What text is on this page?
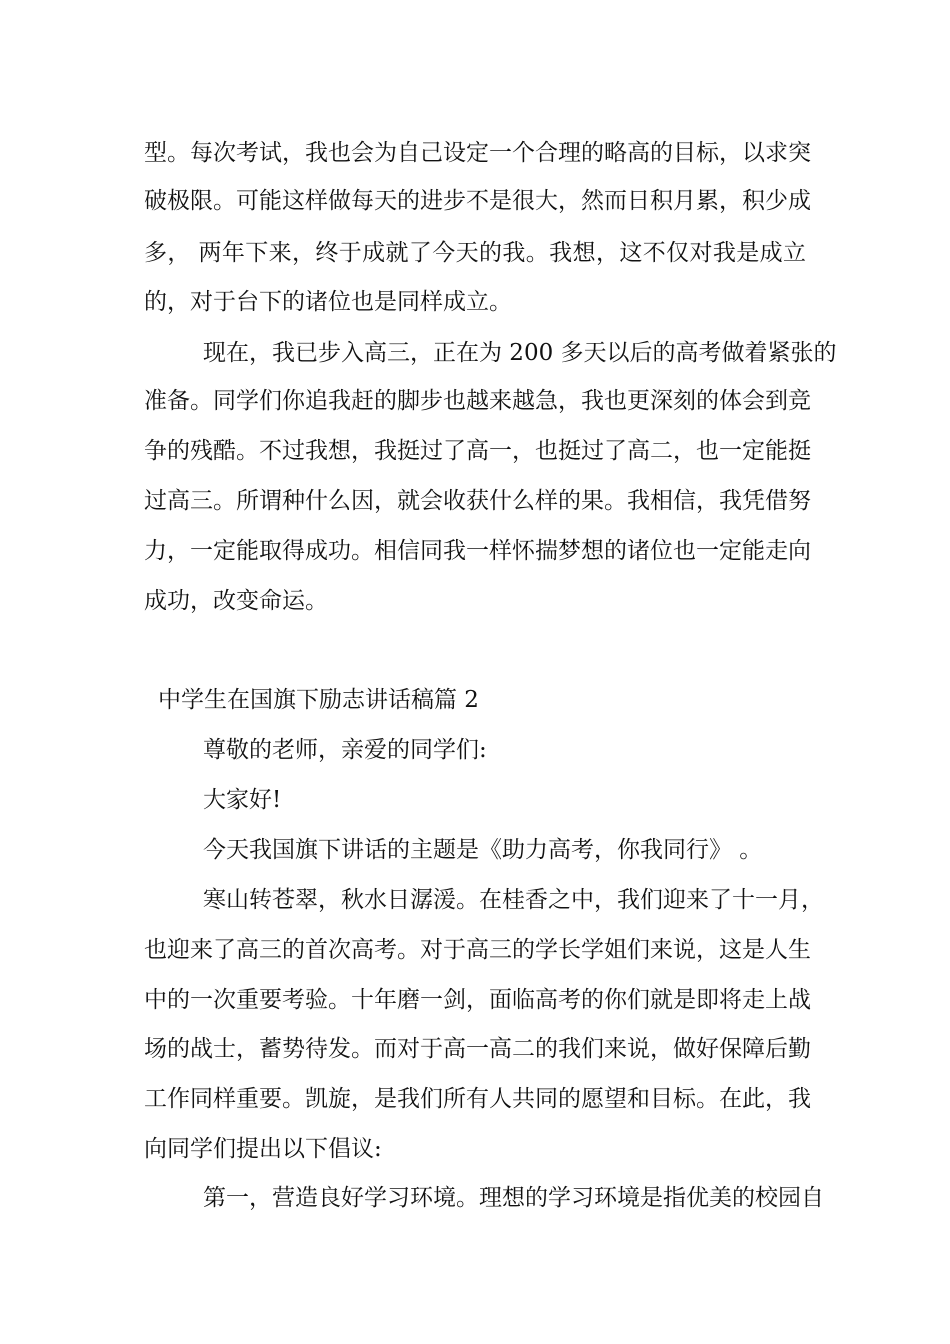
型。每次考试，我也会为自己设定一个合理的略高的目标，以求突
破极限。可能这样做每天的进步不是很大，然而日积月累，积少成
多， 两年下来，终于成就了今天的我。我想，这不仅对我是成立
的，对于台下的诸位也是同样成立。
现在，我已步入高三，正在为 200 多天以后的高考做着紧张的
准备。同学们你追我赶的脚步也越来越急，我也更深刻的体会到竞
争的残酷。不过我想，我挺过了高一，也挺过了高二，也一定能挺
过高三。所谓种什么因，就会收获什么样的果。我相信，我凭借努
力，一定能取得成功。相信同我一样怀揣梦想的诸位也一定能走向
成功，改变命运。
中学生在国旗下励志讲话稿篇 2
尊敬的老师，亲爱的同学们:
大家好!
今天我国旗下讲话的主题是《助力高考，你我同行》 。
寒山转苍翠，秋水日潺湲。在桂香之中，我们迎来了十一月，
也迎来了高三的首次高考。对于高三的学长学姐们来说，这是人生
中的一次重要考验。十年磨一剑，面临高考的你们就是即将走上战
场的战士，蓄势待发。而对于高一高二的我们来说，做好保障后勤
工作同样重要。凯旋，是我们所有人共同的愿望和目标。在此，我
向同学们提出以下倡议:
第一，营造良好学习环境。理想的学习环境是指优美的校园自
